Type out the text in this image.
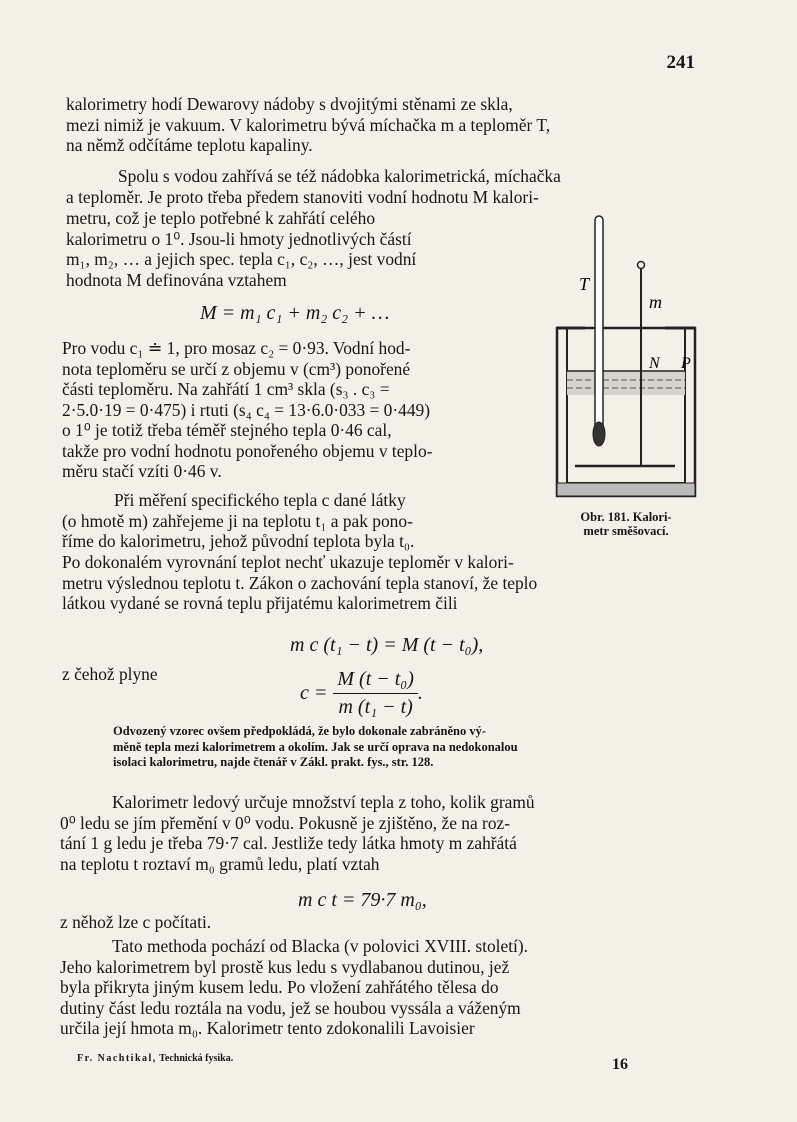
241
kalorimetry hodí Dewarovy nádoby s dvojitými stěnami ze skla,
mezi nimiž je vakuum. V kalorimetru bývá míchačka m a teploměr T,
na němž odčítáme teplotu kapaliny.
Spolu s vodou zahřívá se též nádobka kalorimetrická, míchačka
a teploměr. Je proto třeba předem stanoviti vodní hodnotu M kalori-
metru, což je teplo potřebné k zahřátí celého
kalorimetru o 1⁰. Jsou-li hmoty jednotlivých částí
m₁, m₂, … a jejich spec. tepla c₁, c₂, …, jest vodní
hodnota M definována vztahem
M = m₁ c₁ + m₂ c₂ + …
Pro vodu c₁ ≐ 1, pro mosaz c₂ = 0·93. Vodní hod-
nota teploměru se určí z objemu v (cm³) ponořené
části teploměru. Na zahřátí 1 cm³ skla (s₃ . c₃ =
2·5.0·19 = 0·475) i rtuti (s₄ c₄ = 13·6.0·033 = 0·449)
o 1⁰ je totiž třeba téměř stejného tepla 0·46 cal,
takže pro vodní hodnotu ponořeného objemu v teplo-
měru stačí vzíti 0·46 v.
Při měření specifického tepla c dané látky
(o hmotě m) zahřejeme ji na teplotu t₁ a pak pono-
říme do kalorimetru, jehož původní teplota byla t₀.
T
m
N P
Obr. 181. Kalori-
metr směšovací.
Po dokonalém vyrovnání teplot nechť ukazuje teploměr v kalori-
metru výslednou teplotu t. Zákon o zachování tepla stanoví, že teplo
látkou vydané se rovná teplu přijatému kalorimetrem čili
m c (t₁ − t) = M (t − t₀),
z čehož plyne
$c = \frac{\text{M (t − t₀)}}{\text{m (t₁ − t)}}$ .
Odvozený vzorec ovšem předpokládá, že bylo dokonale zabráněno vý-
měně tepla mezi kalorimetrem a okolím. Jak se určí oprava na nedokonalou
isolaci kalorimetru, najde čtenář v Zákl. prakt. fys., str. 128.
Kalorimetr ledový určuje množství tepla z toho, kolik gramů
0⁰ ledu se jím přemění v 0⁰ vodu. Pokusně je zjištěno, že na roz-
tání 1 g ledu je třeba 79·7 cal. Jestliže tedy látka hmoty m zahřátá
na teplotu t roztaví m₀ gramů ledu, platí vztah
m c t = 79·7 m₀,
z něhož lze c počítati.
Tato methoda pochází od Blacka (v polovici XVIII. století).
Jeho kalorimetrem byl prostě kus ledu s vydlabanou dutinou, jež
byla přikryta jiným kusem ledu. Po vložení zahřátého tělesa do
dutiny část ledu roztála na vodu, jež se houbou vyssála a váženým
určila její hmota m₀. Kalorimetr tento zdokonalili Lavoisier
Fr. Nachtikal, Technická fysika.	16
